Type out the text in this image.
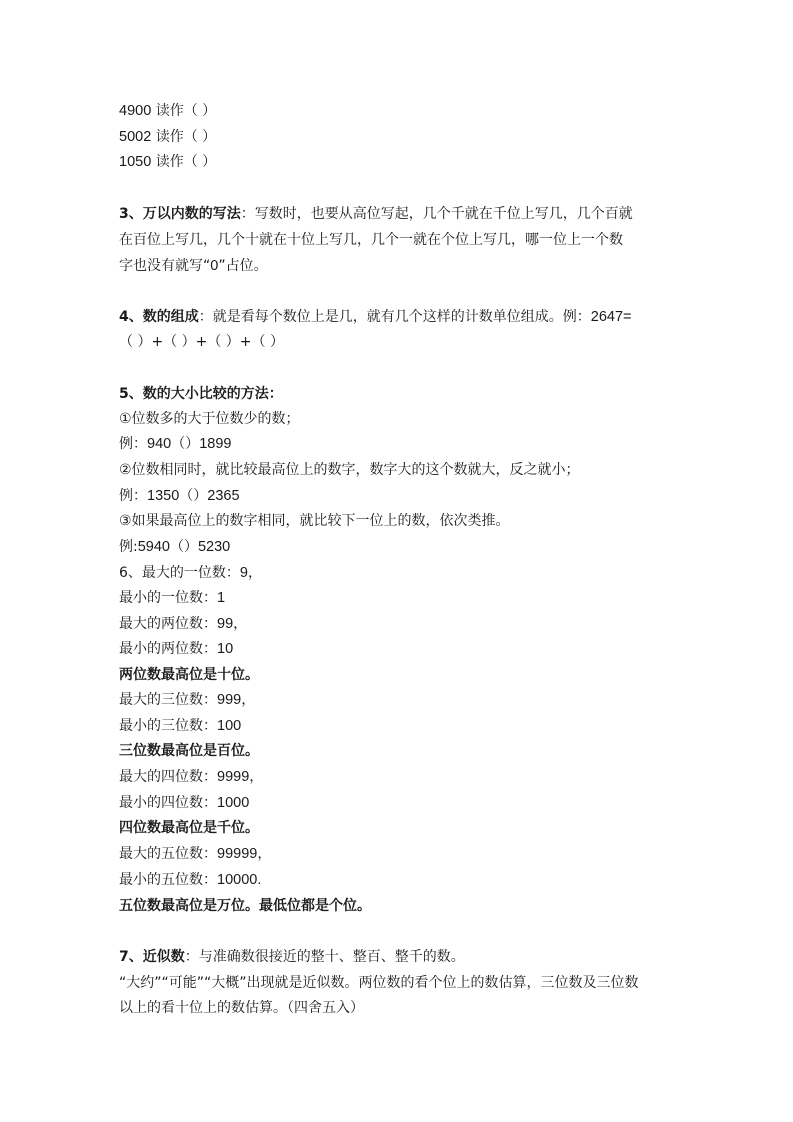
4900 读作（ ）
5002 读作（ ）
1050 读作（ ）
3、万以内数的写法：写数时，也要从高位写起，几个千就在千位上写几，几个百就
在百位上写几，几个十就在十位上写几，几个一就在个位上写几，哪一位上一个数
字也没有就写“0”占位。
4、数的组成：就是看每个数位上是几，就有几个这样的计数单位组成。例：2647=
（ ）+（ ）+（ ）+（ ）
5、数的大小比较的方法：
①位数多的大于位数少的数；
例：940（）1899
②位数相同时，就比较最高位上的数字，数字大的这个数就大，反之就小；
例：1350（）2365
③如果最高位上的数字相同，就比较下一位上的数，依次类推。
例:5940（）5230
6、最大的一位数：9，
最小的一位数：1
最大的两位数：99，
最小的两位数：10
两位数最高位是十位。
最大的三位数：999，
最小的三位数：100
三位数最高位是百位。
最大的四位数：9999，
最小的四位数：1000
四位数最高位是千位。
最大的五位数：99999，
最小的五位数：10000.
五位数最高位是万位。最低位都是个位。
7、近似数：与准确数很接近的整十、整百、整千的数。
“大约”“可能”“大概”出现就是近似数。两位数的看个位上的数估算，三位数及三位数
以上的看十位上的数估算。（四舍五入）
